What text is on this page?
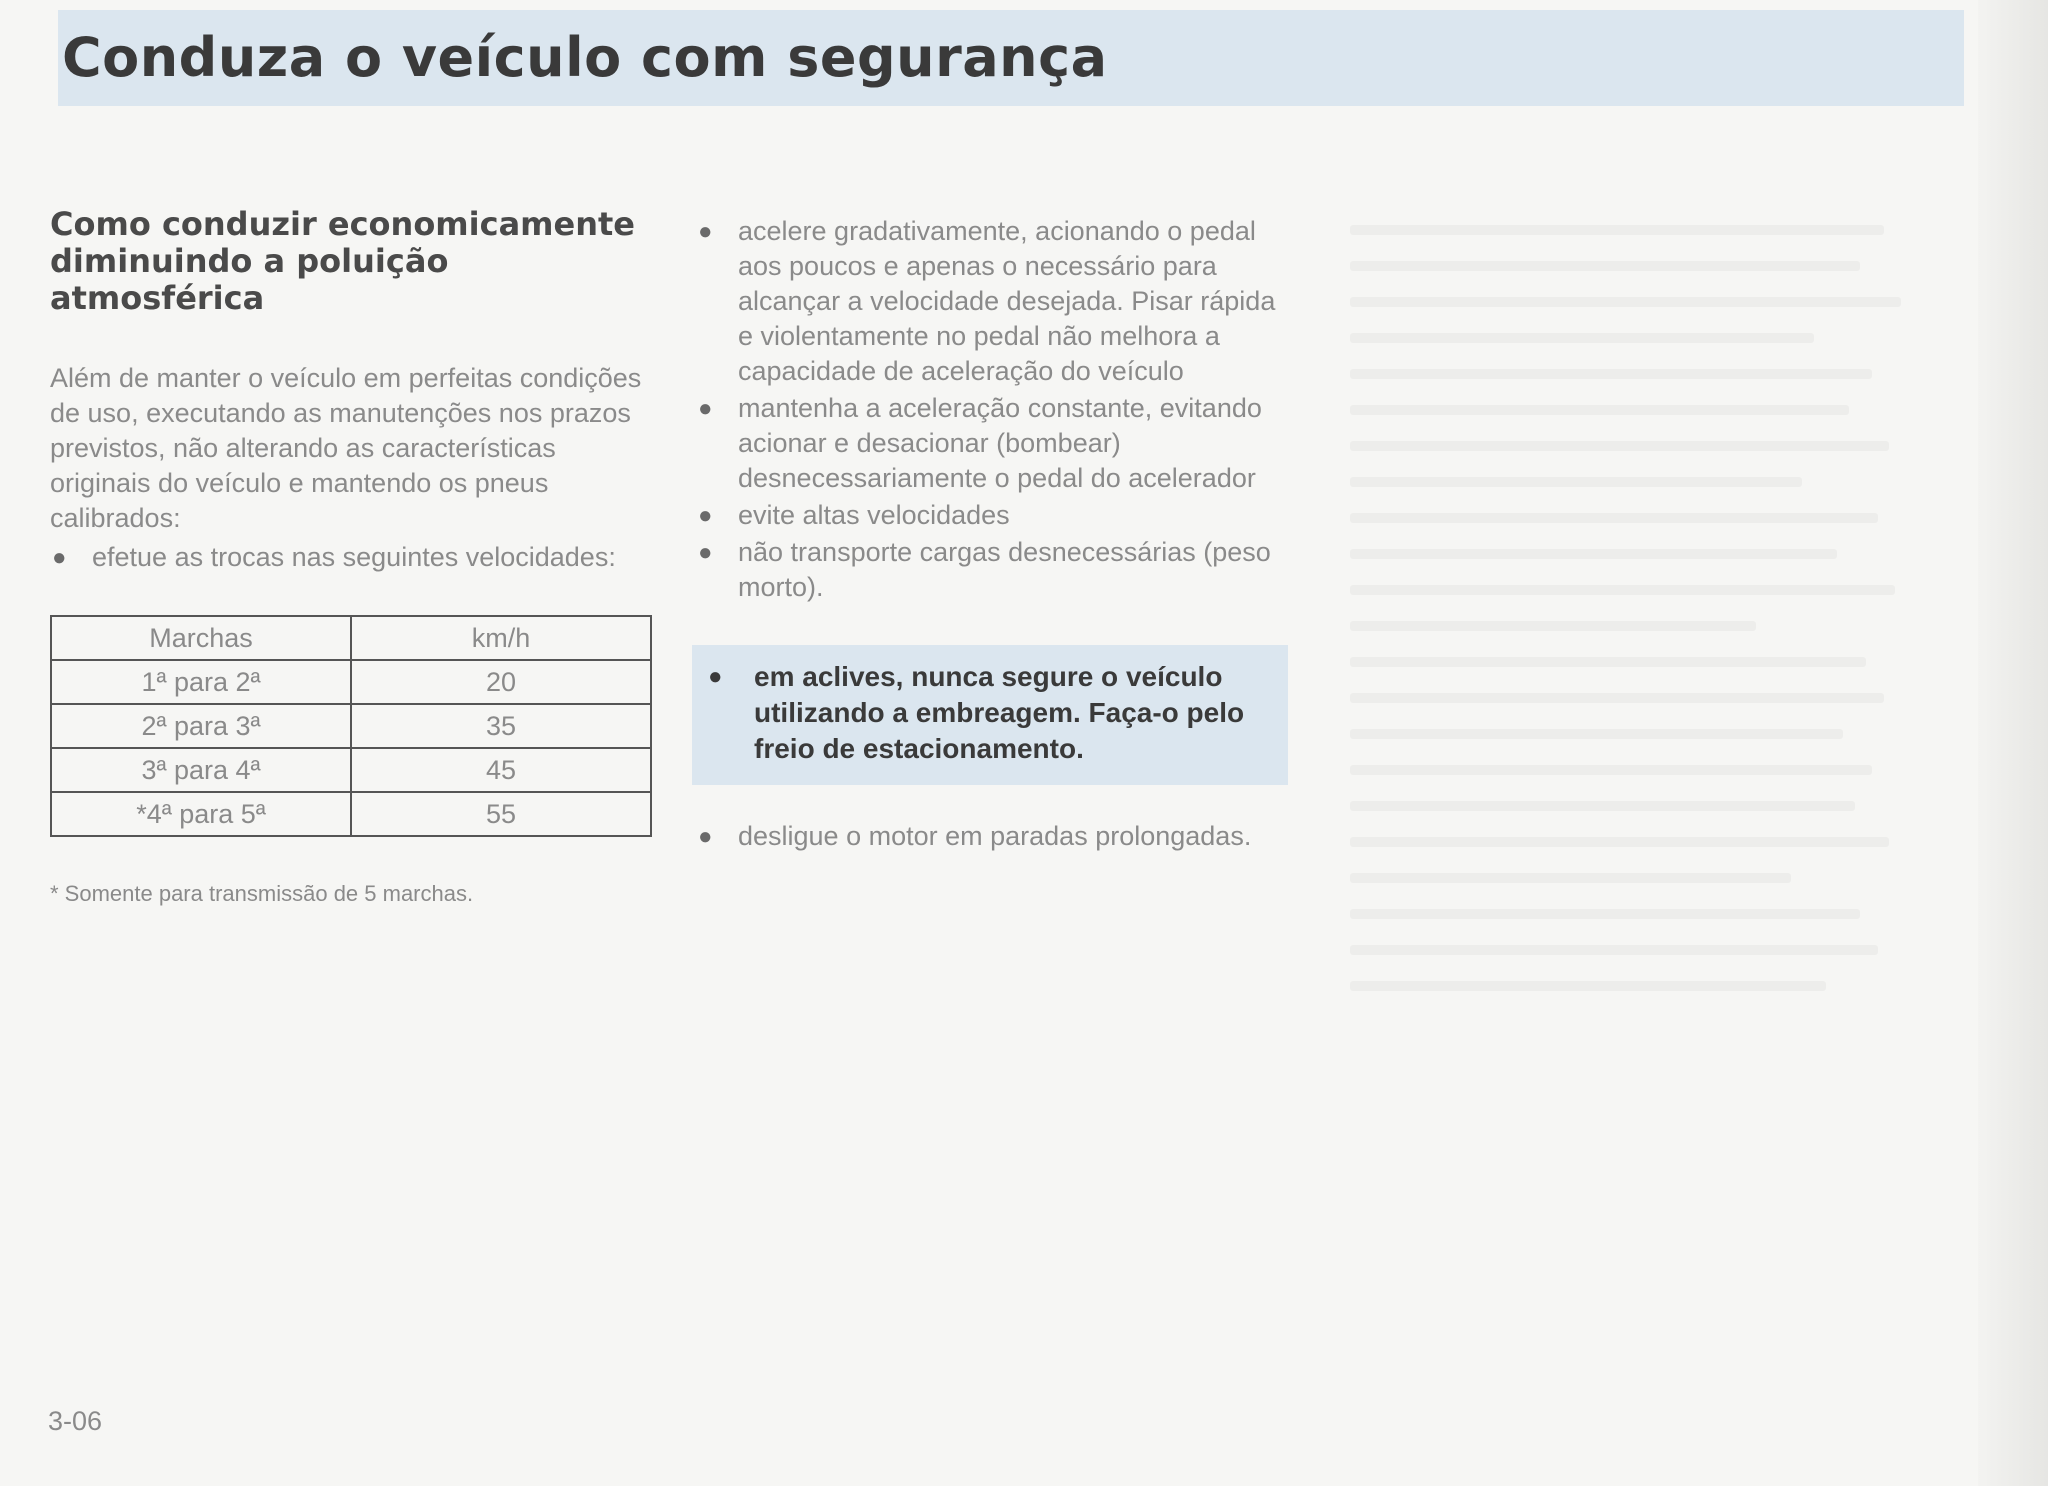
Conduza o veículo com segurança
Como conduzir economicamente diminuindo a poluição atmosférica

Além de manter o veículo em perfeitas condições de uso, executando as manutenções nos prazos previstos, não alterando as características originais do veículo e mantendo os pneus calibrados:

● efetue as trocas nas seguintes velocidades:
Marchas	km/h
1ª para 2ª	20
2ª para 3ª	35
3ª para 4ª	45
*4ª para 5ª	55
* Somente para transmissão de 5 marchas.
● acelere gradativamente, acionando o pedal aos poucos e apenas o necessário para alcançar a velocidade desejada. Pisar rápida e violentamente no pedal não melhora a capacidade de aceleração do veículo
● mantenha a aceleração constante, evitando acionar e desacionar (bombear) desnecessariamente o pedal do acelerador
● evite altas velocidades
● não transporte cargas desnecessárias (peso morto).
● em aclives, nunca segure o veículo utilizando a embreagem. Faça-o pelo freio de estacionamento.
● desligue o motor em paradas prolongadas.
3-06
